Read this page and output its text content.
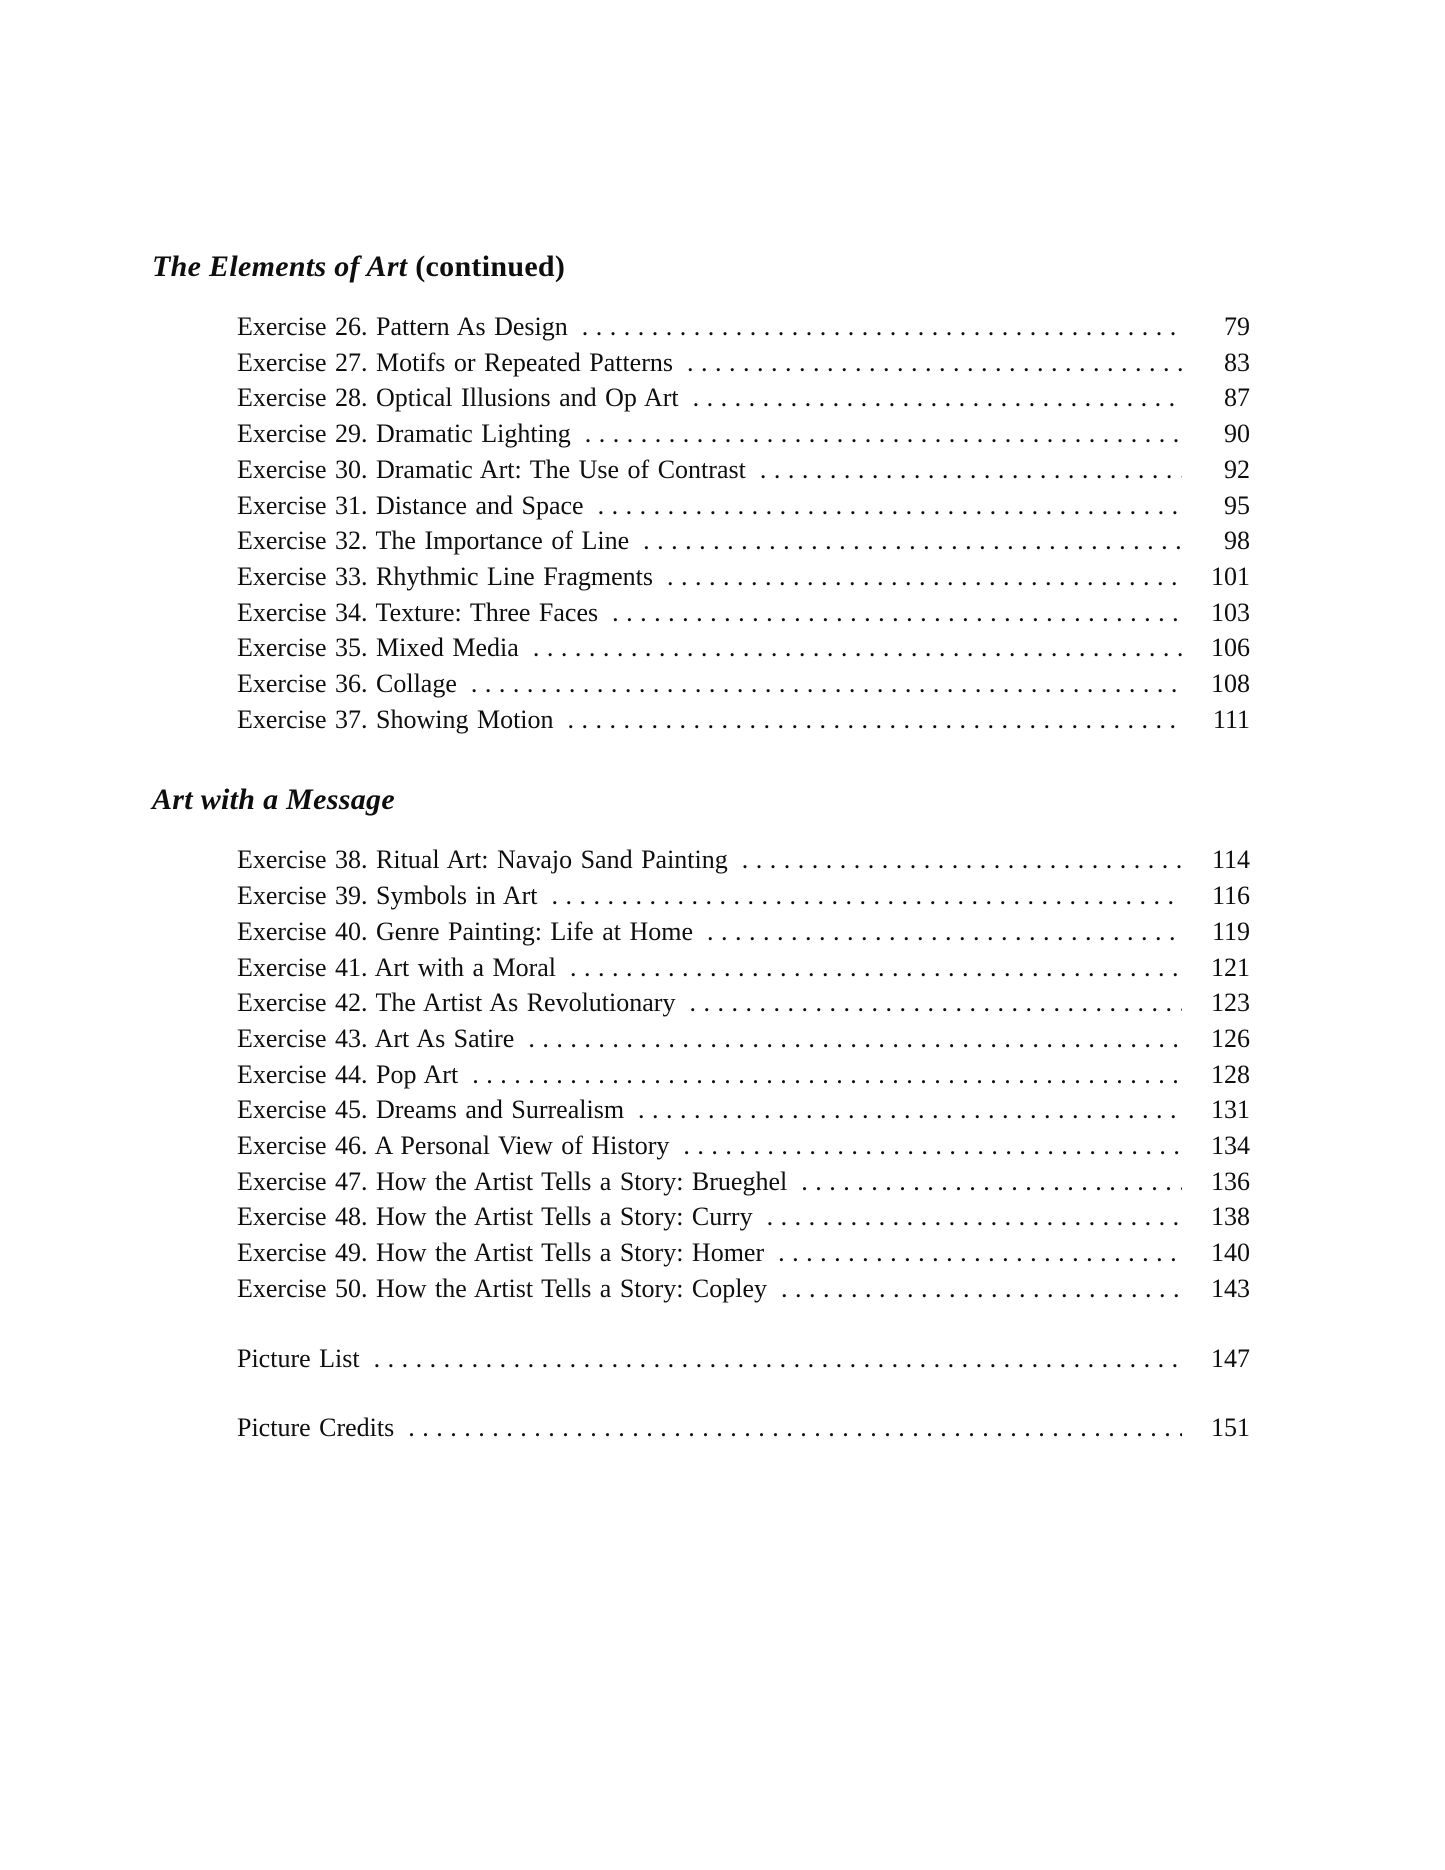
The Elements of Art (continued)
Exercise 26. Pattern As Design .....	79
Exercise 27. Motifs or Repeated Patterns .....	83
Exercise 28. Optical Illusions and Op Art .....	87
Exercise 29. Dramatic Lighting .....	90
Exercise 30. Dramatic Art: The Use of Contrast .....	92
Exercise 31. Distance and Space .....	95
Exercise 32. The Importance of Line .....	98
Exercise 33. Rhythmic Line Fragments .....	101
Exercise 34. Texture: Three Faces .....	103
Exercise 35. Mixed Media .....	106
Exercise 36. Collage .....	108
Exercise 37. Showing Motion .....	111
Art with a Message
Exercise 38. Ritual Art: Navajo Sand Painting .....	114
Exercise 39. Symbols in Art .....	116
Exercise 40. Genre Painting: Life at Home .....	119
Exercise 41. Art with a Moral .....	121
Exercise 42. The Artist As Revolutionary .....	123
Exercise 43. Art As Satire .....	126
Exercise 44. Pop Art .....	128
Exercise 45. Dreams and Surrealism .....	131
Exercise 46. A Personal View of History .....	134
Exercise 47. How the Artist Tells a Story: Brueghel .....	136
Exercise 48. How the Artist Tells a Story: Curry .....	138
Exercise 49. How the Artist Tells a Story: Homer .....	140
Exercise 50. How the Artist Tells a Story: Copley .....	143
Picture List .....	147
Picture Credits .....	151
